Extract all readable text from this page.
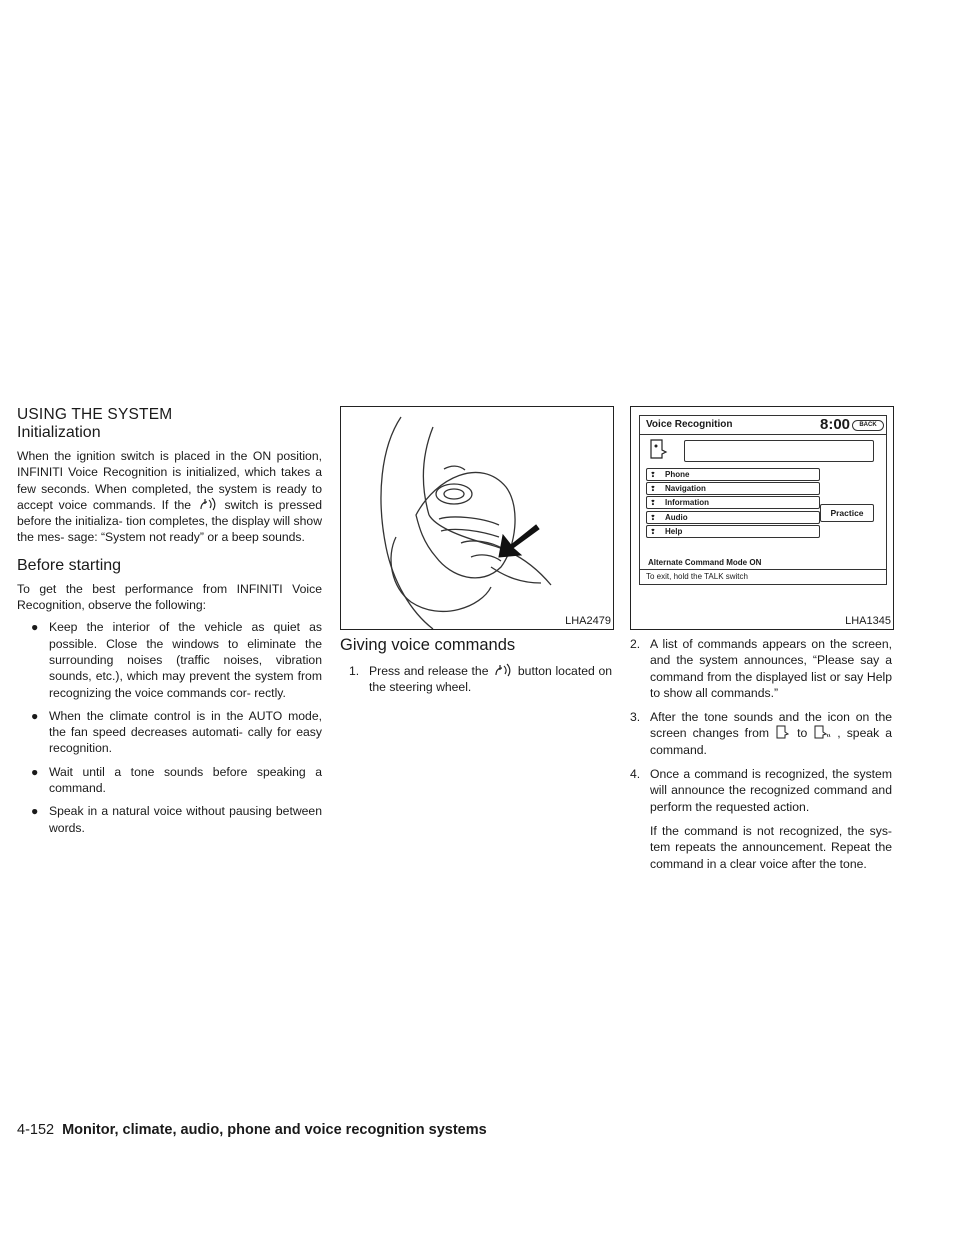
USING THE SYSTEM
Initialization

When the ignition switch is placed in the ON position, INFINITI Voice Recognition is initialized, which takes a few seconds. When completed, the system is ready to accept voice commands. If the	switch is pressed before the initializa- tion completes, the display will show the mes- sage: “System not ready” or a beep sounds.

Before starting

To get the best performance from INFINITI Voice Recognition, observe the following:

● Keep the interior of the vehicle as quiet as possible. Close the windows to eliminate the surrounding noises (traffic noises, vibration sounds, etc.), which may prevent the system from recognizing the voice commands cor- rectly.
● When the climate control is in the AUTO mode, the fan speed decreases automati- cally for easy recognition.
● Wait until a tone sounds before speaking a command.
● Speak in a natural voice without pausing between words.
LHA2479
Voice Recognition	8:00	BACK
❢ Phone
❢ Navigation
❢ Information
❢ Audio
❢ Help
Practice
Alternate Command Mode ON
To exit, hold the TALK switch
LHA1345
Giving voice commands
1. Press and release the button located on the steering wheel.
2. A list of commands appears on the screen, and the system announces, “Please say a command from the displayed list or say Help to show all commands.”
3. After the tone sounds and the icon on the screen changes from to , speak a command.
4. Once a command is recognized, the system will announce the recognized command and perform the requested action.

If the command is not recognized, the sys- tem repeats the announcement. Repeat the command in a clear voice after the tone.

4-152 Monitor, climate, audio, phone and voice recognition systems
